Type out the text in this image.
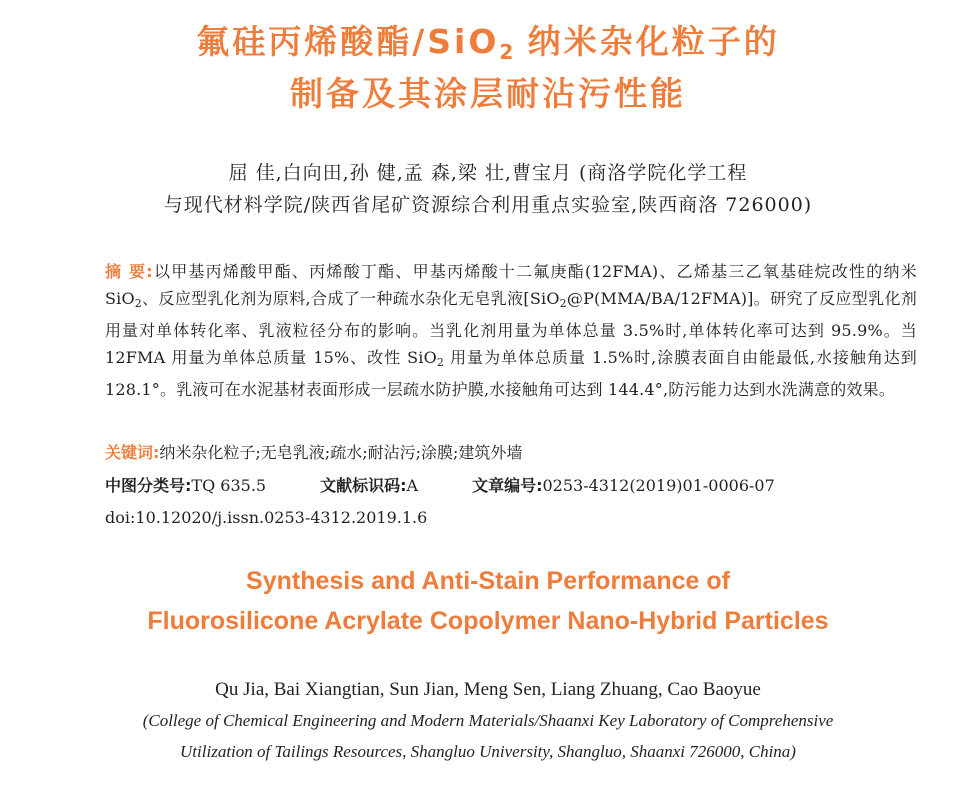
氟硅丙烯酸酯/SiO$_2$ 纳米杂化粒子的
制备及其涂层耐沾污性能
屈 佳,白向田,孙 健,孟 森,梁 壮,曹宝月 (商洛学院化学工程
与现代材料学院/陕西省尾矿资源综合利用重点实验室,陕西商洛 726000)
摘 要:以甲基丙烯酸甲酯、丙烯酸丁酯、甲基丙烯酸十二氟庚酯(12FMA)、乙烯基三乙氧基硅烷改性的纳米 SiO$_2$、反应型乳化剂为原料,合成了一种疏水杂化无皂乳液[SiO$_2$@P(MMA/BA/12FMA)]。研究了反应型乳化剂用量对单体转化率、乳液粒径分布的影响。当乳化剂用量为单体总量 3.5%时,单体转化率可达到 95.9%。当 12FMA 用量为单体总质量 15%、改性 SiO$_2$ 用量为单体总质量 1.5%时,涂膜表面自由能最低,水接触角达到 128.1°。乳液可在水泥基材表面形成一层疏水防护膜,水接触角可达到 144.4°,防污能力达到水洗满意的效果。
关键词:纳米杂化粒子;无皂乳液;疏水;耐沾污;涂膜;建筑外墙
中图分类号:TQ 635.5	文献标识码:A	文章编号:0253-4312(2019)01-0006-07
doi:10.12020/j.issn.0253-4312.2019.1.6
Synthesis and Anti-Stain Performance of
Fluorosilicone Acrylate Copolymer Nano-Hybrid Particles
Qu Jia, Bai Xiangtian, Sun Jian, Meng Sen, Liang Zhuang, Cao Baoyue
(College of Chemical Engineering and Modern Materials/Shaanxi Key Laboratory of Comprehensive
Utilization of Tailings Resources, Shangluo University, Shangluo, Shaanxi 726000, China)
